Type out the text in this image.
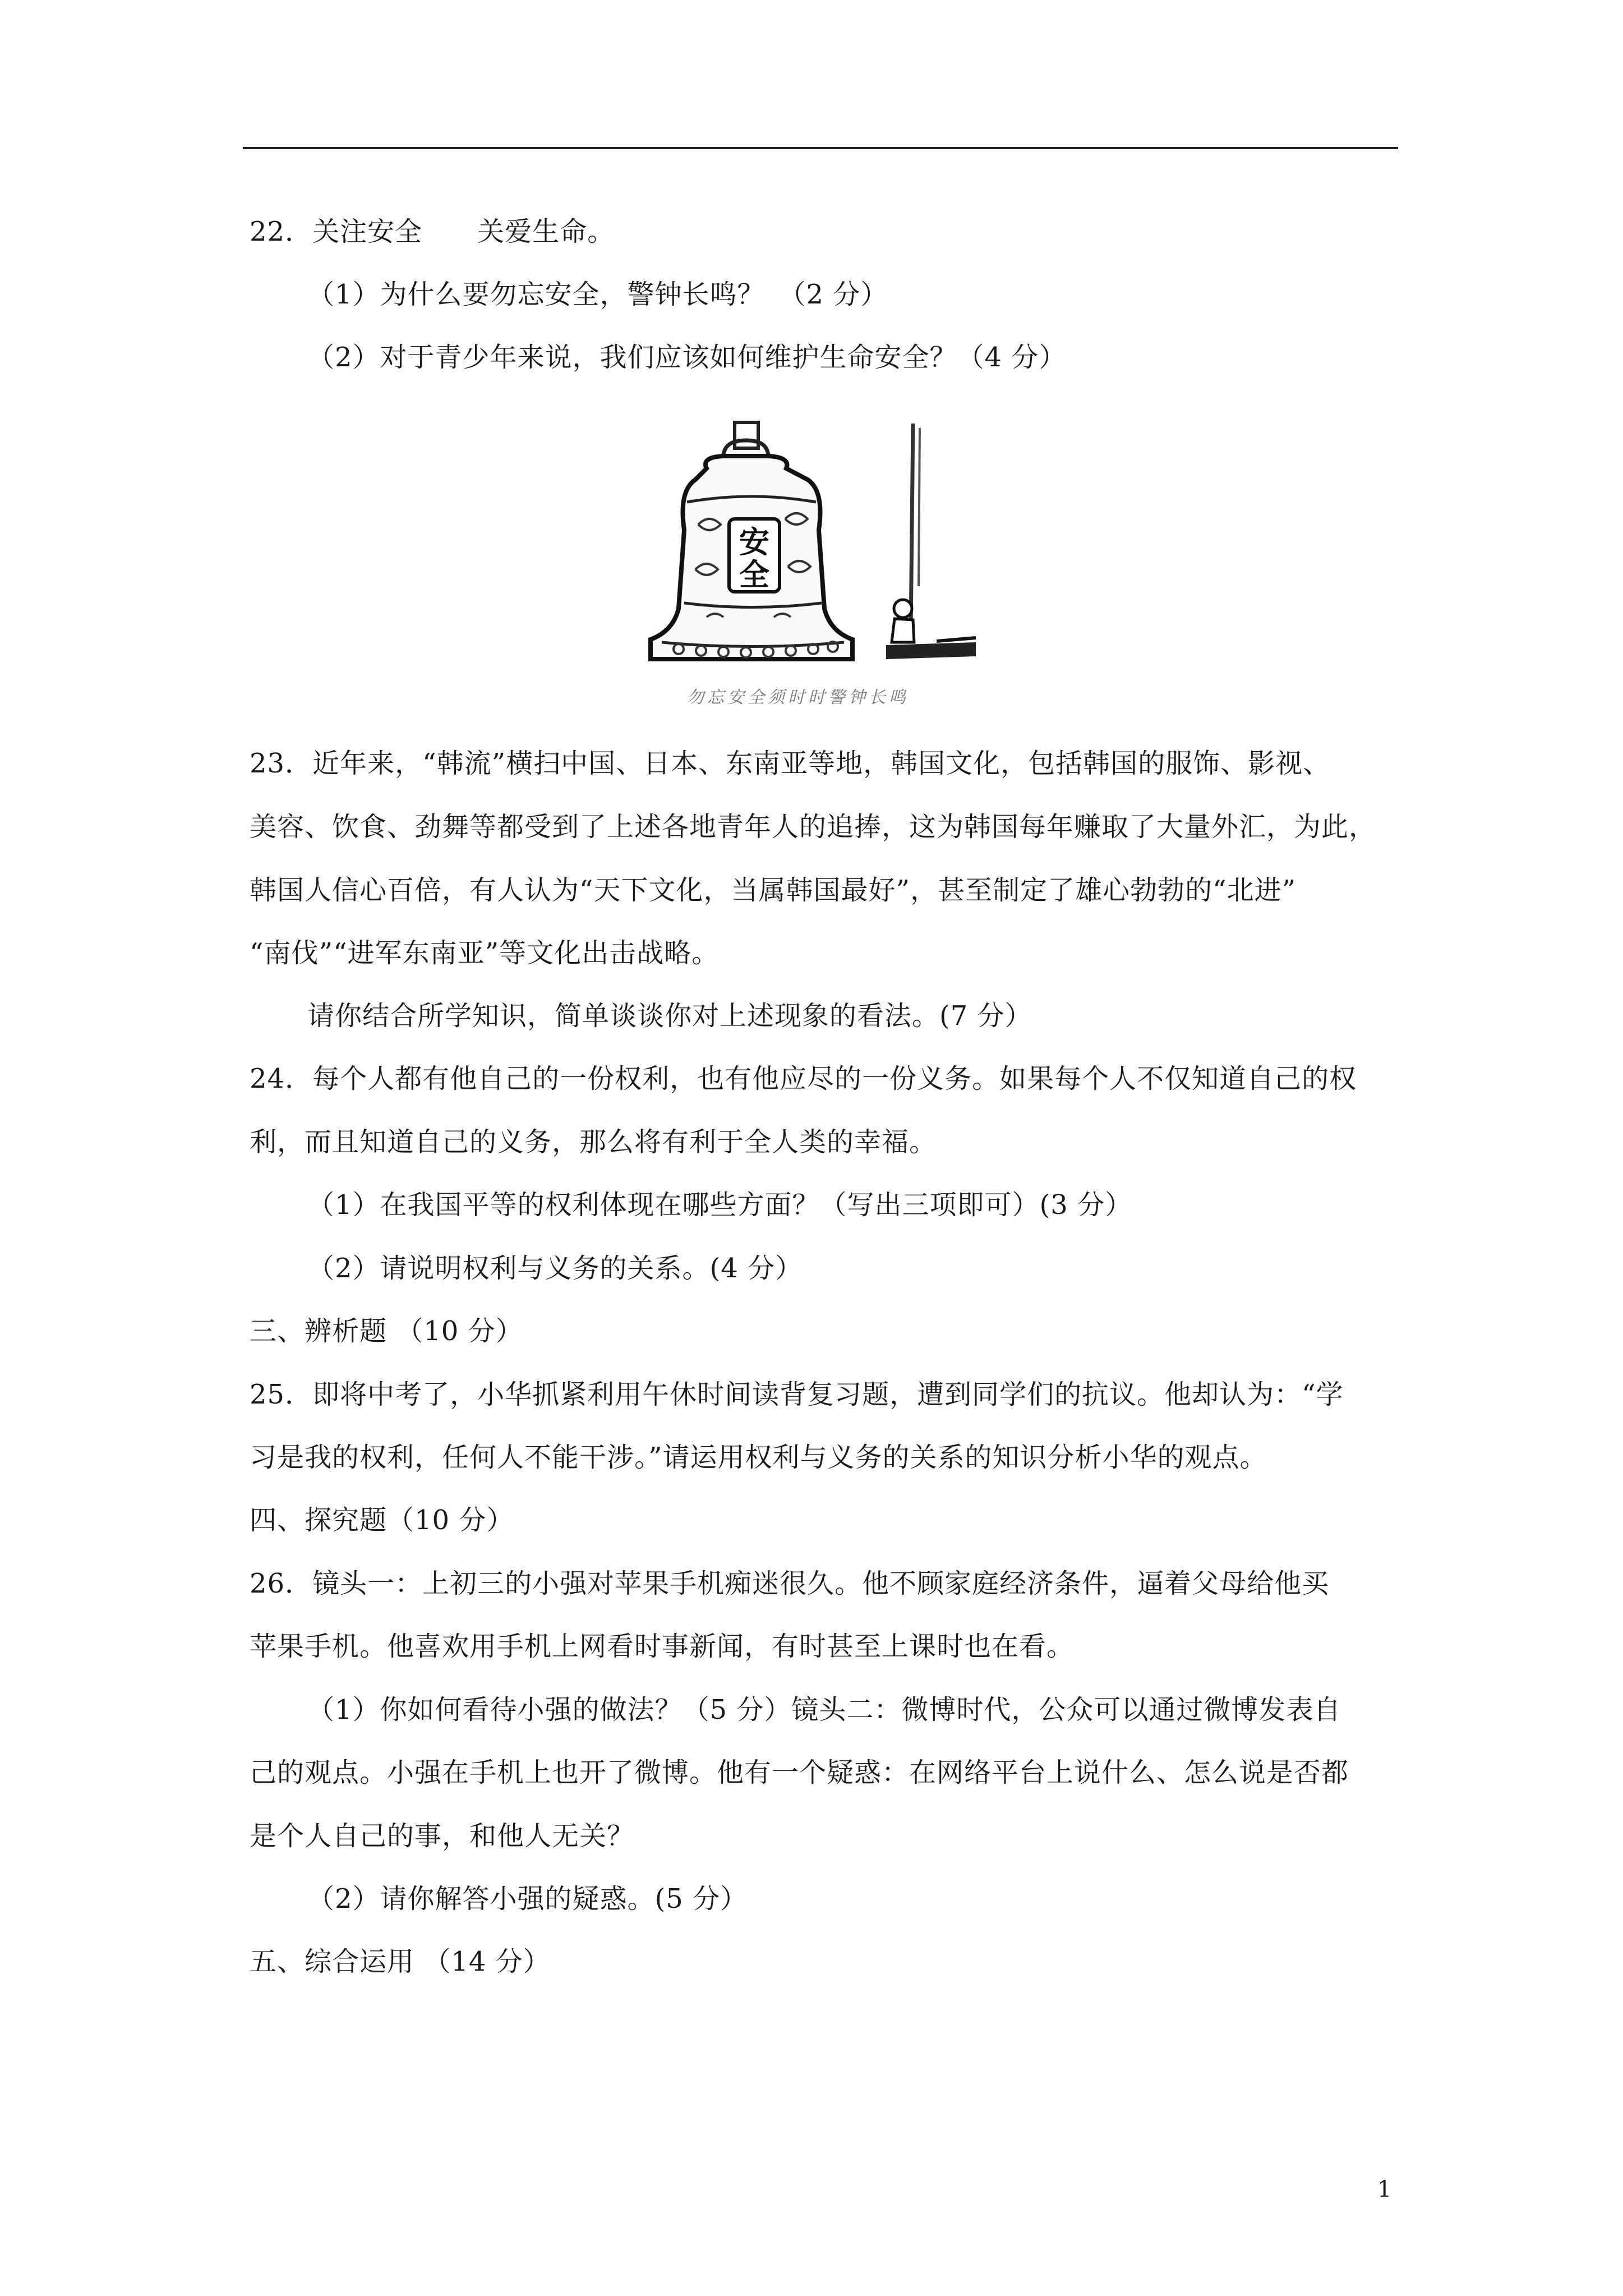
22．关注安全　　关爱生命。
（1）为什么要勿忘安全，警钟长鸣？　（2 分）
（2）对于青少年来说，我们应该如何维护生命安全？（4 分）
安
全
勿忘安全须时时警钟长鸣
23．近年来，“韩流”横扫中国、日本、东南亚等地，韩国文化，包括韩国的服饰、影视、
美容、饮食、劲舞等都受到了上述各地青年人的追捧，这为韩国每年赚取了大量外汇，为此，
韩国人信心百倍，有人认为“天下文化，当属韩国最好”，甚至制定了雄心勃勃的“北进”
“南伐”“进军东南亚”等文化出击战略。
请你结合所学知识，简单谈谈你对上述现象的看法。(7 分）
24．每个人都有他自己的一份权利，也有他应尽的一份义务。如果每个人不仅知道自己的权
利，而且知道自己的义务，那么将有利于全人类的幸福。
（1）在我国平等的权利体现在哪些方面？（写出三项即可）(3 分）
（2）请说明权利与义务的关系。(4 分）
三、辨析题 （10 分）
25．即将中考了，小华抓紧利用午休时间读背复习题，遭到同学们的抗议。他却认为：“学
习是我的权利，任何人不能干涉。”请运用权利与义务的关系的知识分析小华的观点。
四、探究题（10 分）
26．镜头一：上初三的小强对苹果手机痴迷很久。他不顾家庭经济条件，逼着父母给他买
苹果手机。他喜欢用手机上网看时事新闻，有时甚至上课时也在看。
（1）你如何看待小强的做法？（5 分）镜头二：微博时代，公众可以通过微博发表自
己的观点。小强在手机上也开了微博。他有一个疑惑：在网络平台上说什么、怎么说是否都
是个人自己的事，和他人无关？
（2）请你解答小强的疑惑。(5 分）
五、综合运用 （14 分）
1
